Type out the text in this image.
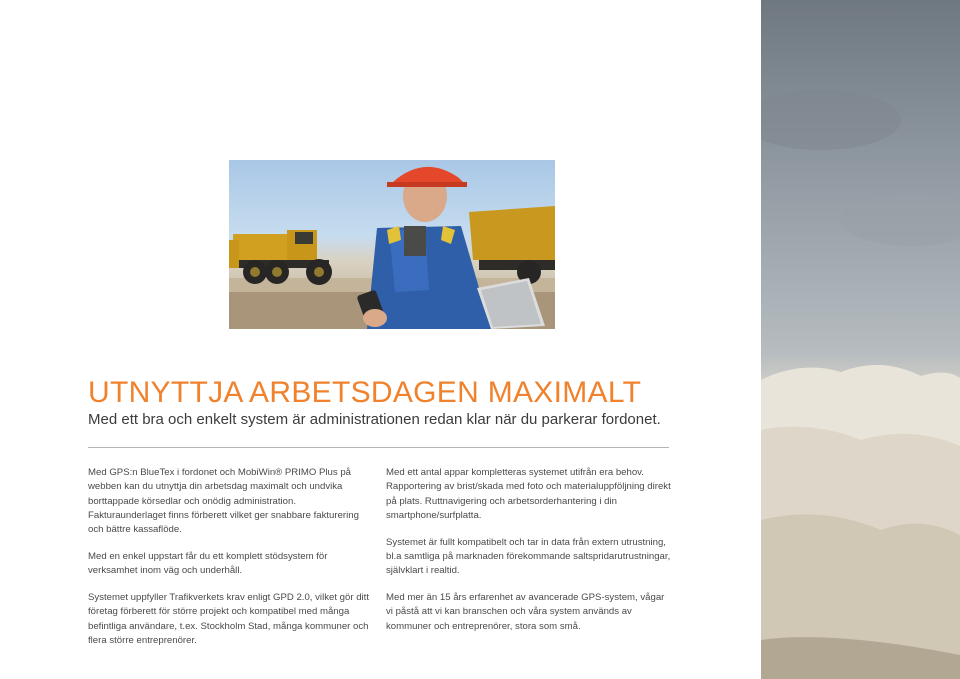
UTNYTTJA ARBETSDAGEN MAXIMALT

Med ett bra och enkelt system är administrationen redan klar när du parkerar fordonet.

Med GPS:n BlueTex i fordonet och MobiWin® PRIMO Plus på webben kan du utnyttja din arbetsdag maximalt och undvika borttappade körsedlar och onödig administration. Fakturaunderlaget finns förberett vilket ger snabbare fakturering och bättre kassaflöde.

Med en enkel uppstart får du ett komplett stödsystem för verksamhet inom väg och underhåll.

Systemet uppfyller Trafikverkets krav enligt GPD 2.0, vilket gör ditt företag förberett för större projekt och kompatibel med många befintliga användare, t.ex. Stockholm Stad, många kommuner och flera större entreprenörer.

Med ett antal appar kompletteras systemet utifrån era behov. Rapportering av brist/skada med foto och materialuppföljning direkt på plats. Ruttnavigering och arbetsorderhantering i din smartphone/surfplatta.

Systemet är fullt kompatibelt och tar in data från extern utrustning, bl.a samtliga på marknaden förekommande saltspridarutrustningar, självklart i realtid.

Med mer än 15 års erfarenhet av avancerade GPS-system, vågar vi påstå att vi kan branschen och våra system används av kommuner och entreprenörer, stora som små.
